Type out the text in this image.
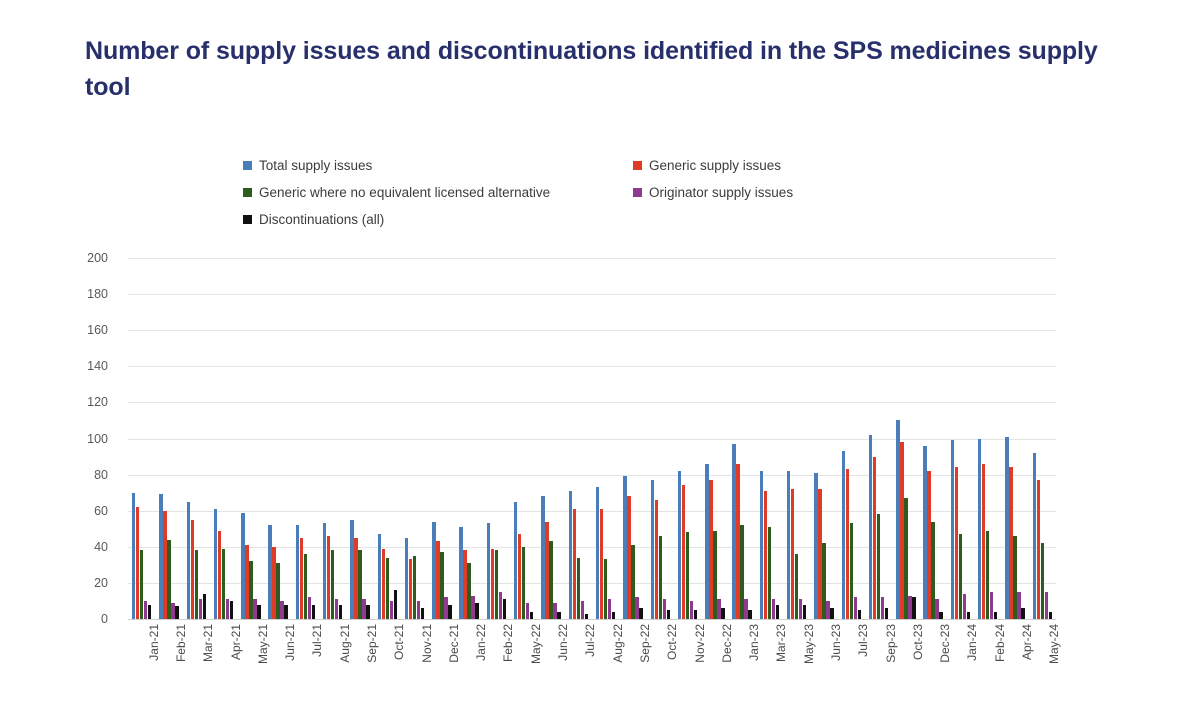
Number of supply issues and discontinuations identified in the SPS medicines supply tool
Total supply issues	Generic supply issues
Generic where no equivalent licensed alternative	Originator supply issues
Discontinuations (all)
0
20
40
60
80
100
120
140
160
180
200
Jan-21 Feb-21 Mar-21 Apr-21 May-21 Jun-21 Jul-21 Aug-21 Sep-21 Oct-21 Nov-21 Dec-21 Jan-22 Feb-22 May-22 Jun-22 Jul-22 Aug-22 Sep-22 Oct-22 Nov-22 Dec-22 Jan-23 Mar-23 May-23 Jun-23 Jul-23 Sep-23 Oct-23 Dec-23 Jan-24 Feb-24 Apr-24 May-24
